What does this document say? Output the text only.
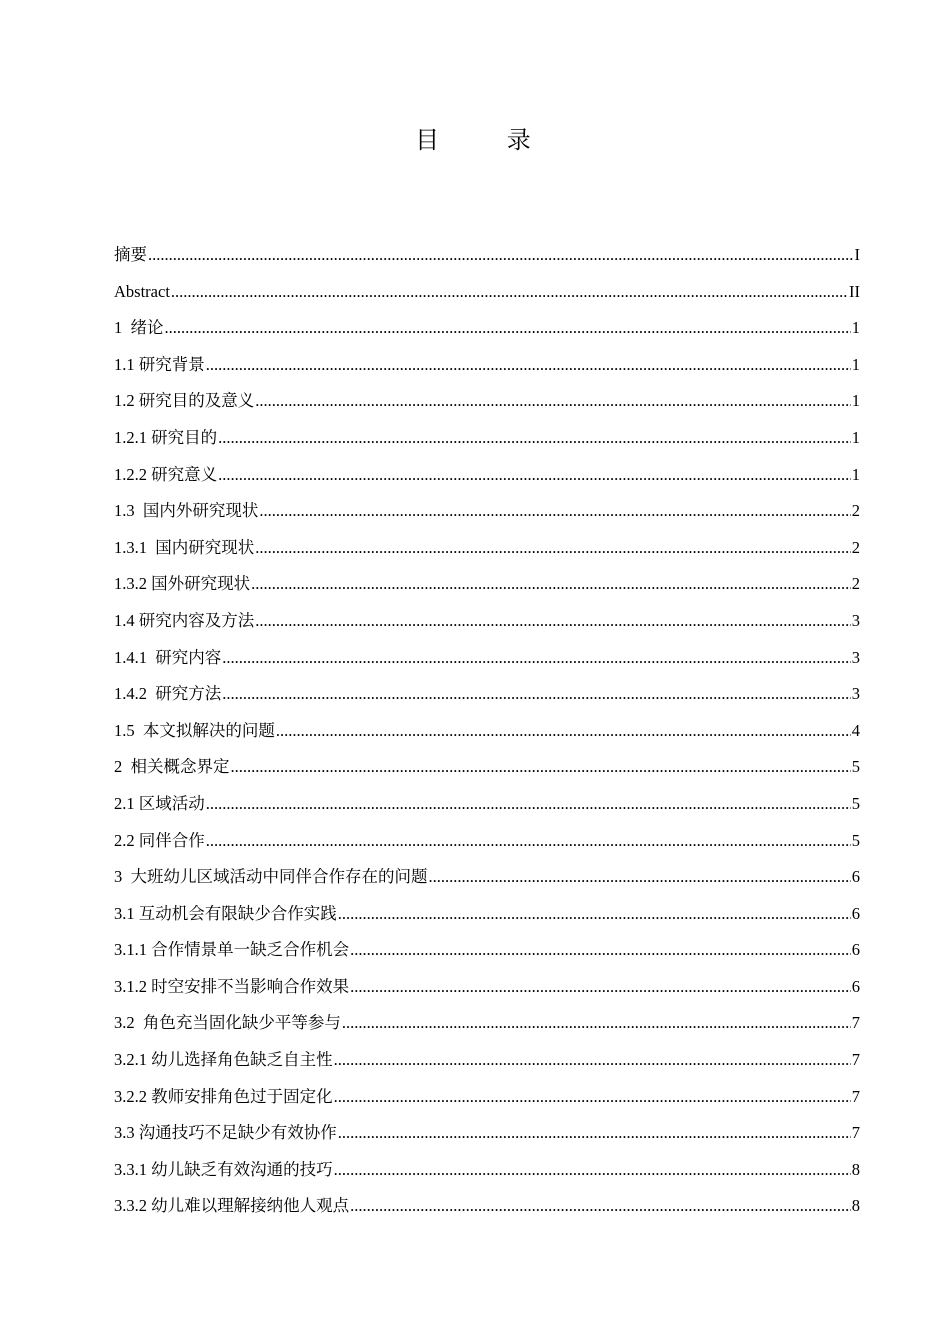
目 录
摘要 .....	I
Abstract .....	II
1  绪论 .....	1
1.1 研究背景 .....	1
1.2 研究目的及意义 .....	1
1.2.1 研究目的 .....	1
1.2.2 研究意义 .....	1
1.3  国内外研究现状 .....	2
1.3.1  国内研究现状 .....	2
1.3.2 国外研究现状 .....	2
1.4 研究内容及方法 .....	3
1.4.1  研究内容 .....	3
1.4.2  研究方法 .....	3
1.5  本文拟解决的问题 .....	4
2  相关概念界定 .....	5
2.1 区域活动 .....	5
2.2 同伴合作 .....	5
3  大班幼儿区域活动中同伴合作存在的问题 .....	6
3.1 互动机会有限缺少合作实践 .....	6
3.1.1 合作情景单一缺乏合作机会 .....	6
3.1.2 时空安排不当影响合作效果 .....	6
3.2  角色充当固化缺少平等参与 .....	7
3.2.1 幼儿选择角色缺乏自主性 .....	7
3.2.2 教师安排角色过于固定化 .....	7
3.3 沟通技巧不足缺少有效协作 .....	7
3.3.1 幼儿缺乏有效沟通的技巧 .....	8
3.3.2 幼儿难以理解接纳他人观点 .....	8
